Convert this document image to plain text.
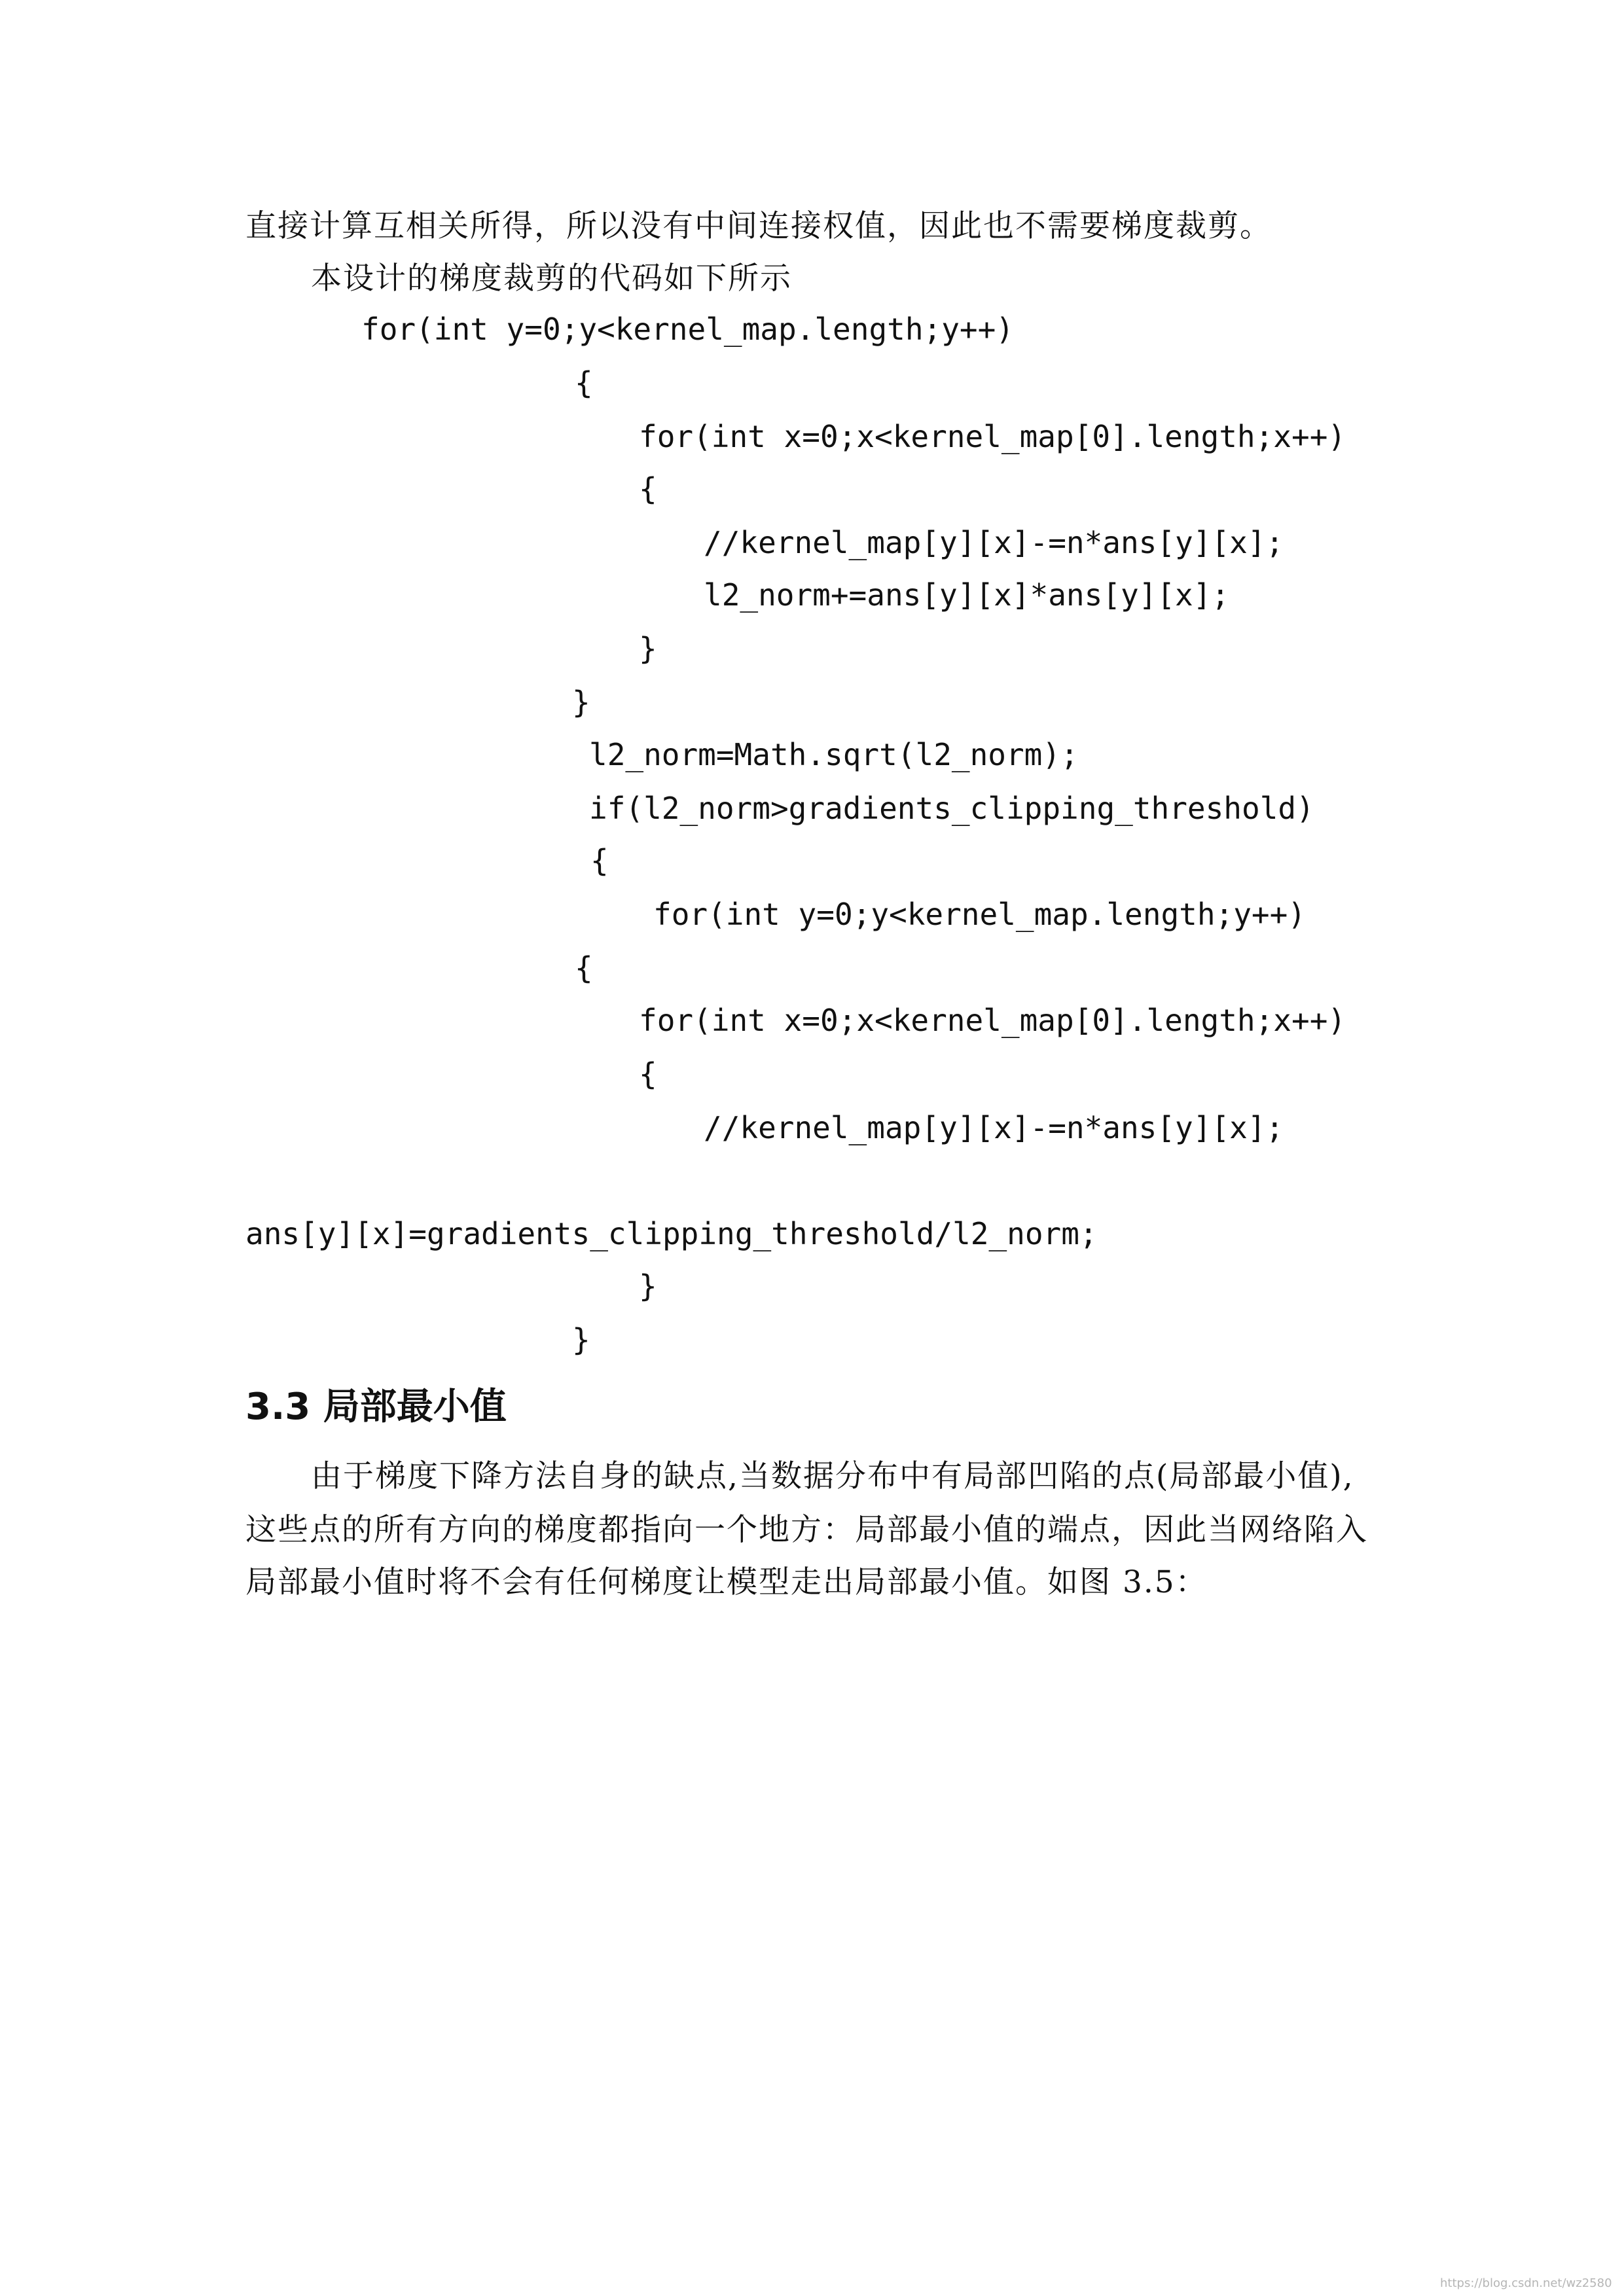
直接计算互相关所得，所以没有中间连接权值，因此也不需要梯度裁剪。
本设计的梯度裁剪的代码如下所示
for(int y=0;y<kernel_map.length;y++)
{
for(int x=0;x<kernel_map[0].length;x++)
{
//kernel_map[y][x]-=n*ans[y][x];
l2_norm+=ans[y][x]*ans[y][x];
}
}
l2_norm=Math.sqrt(l2_norm);
if(l2_norm>gradients_clipping_threshold)
{
for(int y=0;y<kernel_map.length;y++)
{
for(int x=0;x<kernel_map[0].length;x++)
{
//kernel_map[y][x]-=n*ans[y][x];
ans[y][x]=gradients_clipping_threshold/l2_norm;
}
}
3.3 局部最小值
由于梯度下降方法自身的缺点,当数据分布中有局部凹陷的点(局部最小值),
这些点的所有方向的梯度都指向一个地方：局部最小值的端点，因此当网络陷入
局部最小值时将不会有任何梯度让模型走出局部最小值。如图 3.5：
https://blog.csdn.net/wz2580
